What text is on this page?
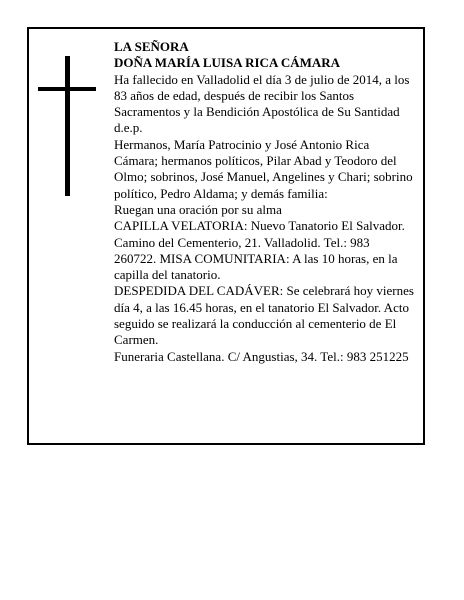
LA SEÑORA

DOÑA MARÍA LUISA RICA CÁMARA

Ha fallecido en Valladolid el día 3 de julio de 2014, a los 83 años de edad, después de recibir los Santos Sacramentos y la Bendición Apostólica de Su Santidad d.e.p.

Hermanos, María Patrocinio y José Antonio Rica Cámara; hermanos políticos, Pilar Abad y Teodoro del Olmo; sobrinos, José Manuel, Angelines y Chari; sobrino político, Pedro Aldama; y demás familia:

Ruegan una oración por su alma

CAPILLA VELATORIA: Nuevo Tanatorio El Salvador. Camino del Cementerio, 21. Valladolid. Tel.: 983 260722. MISA COMUNITARIA: A las 10 horas, en la capilla del tanatorio.

DESPEDIDA DEL CADÁVER: Se celebrará hoy viernes día 4, a las 16.45 horas, en el tanatorio El Salvador. Acto seguido se realizará la conducción al cementerio de El Carmen.

Funeraria Castellana. C/ Angustias, 34. Tel.: 983 251225
